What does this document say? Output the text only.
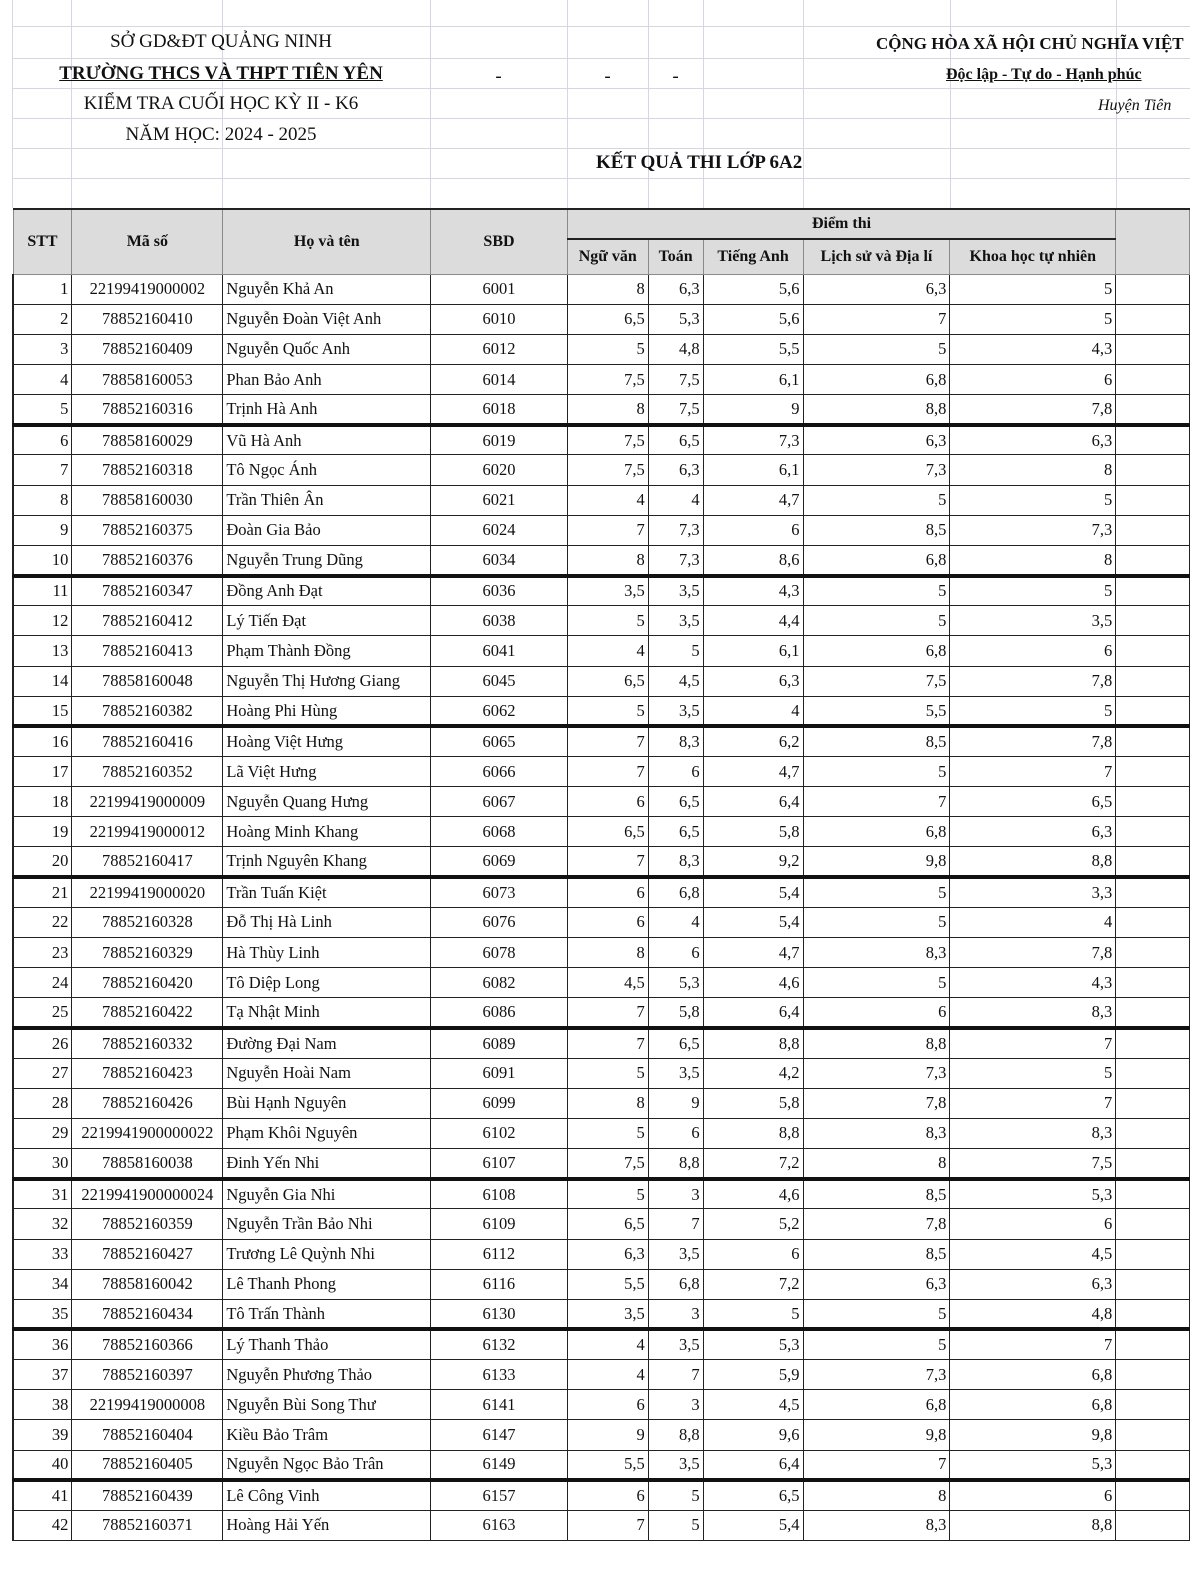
SỞ GD&ĐT QUẢNG NINH
TRƯỜNG THCS VÀ THPT TIÊN YÊN
KIỂM TRA CUỐI HỌC KỲ II - K6
NĂM HỌC: 2024 - 2025
-	-	-
CỘNG HÒA XÃ HỘI CHỦ NGHĨA VIỆT
Độc lập - Tự do - Hạnh phúc
Huyện Tiên
KẾT QUẢ THI LỚP 6A2
STT	Mã số	Họ và tên	SBD	Điểm thi					
				Ngữ văn	Toán	Tiếng Anh	Lịch sử và Địa lí	Khoa học tự nhiên	
1	22199419000002	Nguyễn Khả An	6001	8	6,3	5,6	6,3	5	
2	78852160410	Nguyễn Đoàn Việt Anh	6010	6,5	5,3	5,6	7	5	
3	78852160409	Nguyễn Quốc Anh	6012	5	4,8	5,5	5	4,3	
4	78858160053	Phan Bảo Anh	6014	7,5	7,5	6,1	6,8	6	
5	78852160316	Trịnh Hà Anh	6018	8	7,5	9	8,8	7,8	
6	78858160029	Vũ Hà Anh	6019	7,5	6,5	7,3	6,3	6,3	
7	78852160318	Tô Ngọc Ánh	6020	7,5	6,3	6,1	7,3	8	
8	78858160030	Trần Thiên Ân	6021	4	4	4,7	5	5	
9	78852160375	Đoàn Gia Bảo	6024	7	7,3	6	8,5	7,3	
10	78852160376	Nguyễn Trung Dũng	6034	8	7,3	8,6	6,8	8	
11	78852160347	Đồng Anh Đạt	6036	3,5	3,5	4,3	5	5	
12	78852160412	Lý Tiến Đạt	6038	5	3,5	4,4	5	3,5	
13	78852160413	Phạm Thành Đồng	6041	4	5	6,1	6,8	6	
14	78858160048	Nguyễn Thị Hương Giang	6045	6,5	4,5	6,3	7,5	7,8	
15	78852160382	Hoàng Phi Hùng	6062	5	3,5	4	5,5	5	
16	78852160416	Hoàng Việt Hưng	6065	7	8,3	6,2	8,5	7,8	
17	78852160352	Lã Việt Hưng	6066	7	6	4,7	5	7	
18	22199419000009	Nguyễn Quang Hưng	6067	6	6,5	6,4	7	6,5	
19	22199419000012	Hoàng Minh Khang	6068	6,5	6,5	5,8	6,8	6,3	
20	78852160417	Trịnh Nguyên Khang	6069	7	8,3	9,2	9,8	8,8	
21	22199419000020	Trần Tuấn Kiệt	6073	6	6,8	5,4	5	3,3	
22	78852160328	Đỗ Thị Hà Linh	6076	6	4	5,4	5	4	
23	78852160329	Hà Thùy Linh	6078	8	6	4,7	8,3	7,8	
24	78852160420	Tô Diệp Long	6082	4,5	5,3	4,6	5	4,3	
25	78852160422	Tạ Nhật Minh	6086	7	5,8	6,4	6	8,3	
26	78852160332	Đường Đại Nam	6089	7	6,5	8,8	8,8	7	
27	78852160423	Nguyễn Hoài Nam	6091	5	3,5	4,2	7,3	5	
28	78852160426	Bùi Hạnh Nguyên	6099	8	9	5,8	7,8	7	
29	2219941900000022	Phạm Khôi Nguyên	6102	5	6	8,8	8,3	8,3	
30	78858160038	Đinh Yến Nhi	6107	7,5	8,8	7,2	8	7,5	
31	2219941900000024	Nguyễn Gia Nhi	6108	5	3	4,6	8,5	5,3	
32	78852160359	Nguyễn Trần Bảo Nhi	6109	6,5	7	5,2	7,8	6	
33	78852160427	Trương Lê Quỳnh Nhi	6112	6,3	3,5	6	8,5	4,5	
34	78858160042	Lê Thanh Phong	6116	5,5	6,8	7,2	6,3	6,3	
35	78852160434	Tô Trấn Thành	6130	3,5	3	5	5	4,8	
36	78852160366	Lý Thanh Thảo	6132	4	3,5	5,3	5	7	
37	78852160397	Nguyễn Phương Thảo	6133	4	7	5,9	7,3	6,8	
38	22199419000008	Nguyễn Bùi Song Thư	6141	6	3	4,5	6,8	6,8	
39	78852160404	Kiều Bảo Trâm	6147	9	8,8	9,6	9,8	9,8	
40	78852160405	Nguyễn Ngọc Bảo Trân	6149	5,5	3,5	6,4	7	5,3	
41	78852160439	Lê Công Vinh	6157	6	5	6,5	8	6	
42	78852160371	Hoàng Hải Yến	6163	7	5	5,4	8,3	8,8	
